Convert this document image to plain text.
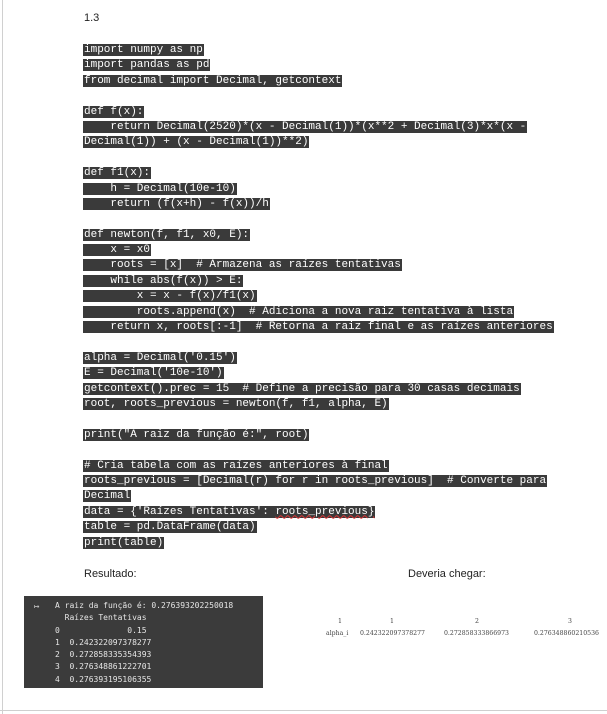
1.3
import numpy as np
import pandas as pd
from decimal import Decimal, getcontext
def f(x):
return Decimal(2520)*(x - Decimal(1))*(x**2 + Decimal(3)*x*(x -
Decimal(1)) + (x - Decimal(1))**2)
def f1(x):
h = Decimal(10e-10)
return (f(x+h) - f(x))/h
def newton(f, f1, x0, E):
x = x0
roots = [x]  # Armazena as raízes tentativas
while abs(f(x)) > E:
x = x - f(x)/f1(x)
roots.append(x)  # Adiciona a nova raiz tentativa à lista
return x, roots[:-1]  # Retorna a raiz final e as raízes anteriores
alpha = Decimal('0.15')
E = Decimal('10e-10')
getcontext().prec = 15  # Define a precisão para 30 casas decimais
root, roots_previous = newton(f, f1, alpha, E)
print("A raiz da função é:", root)
# Cria tabela com as raízes anteriores à final
roots_previous = [Decimal(r) for r in roots_previous]  # Converte para
Decimal
data = {'Raízes Tentativas': roots_previous}
table = pd.DataFrame(data)
print(table)
Resultado:	Deveria chegar:
↦ A raiz da função é: 0.276393202250018
Raízes Tentativas
0              0.15
1  0.242322097378277
2  0.272858335354393
3  0.276348861222701
4  0.276393195106355
1	1	2	3
alpha_i 0.242322097378277	0.272858333866973	0.276348860210536
